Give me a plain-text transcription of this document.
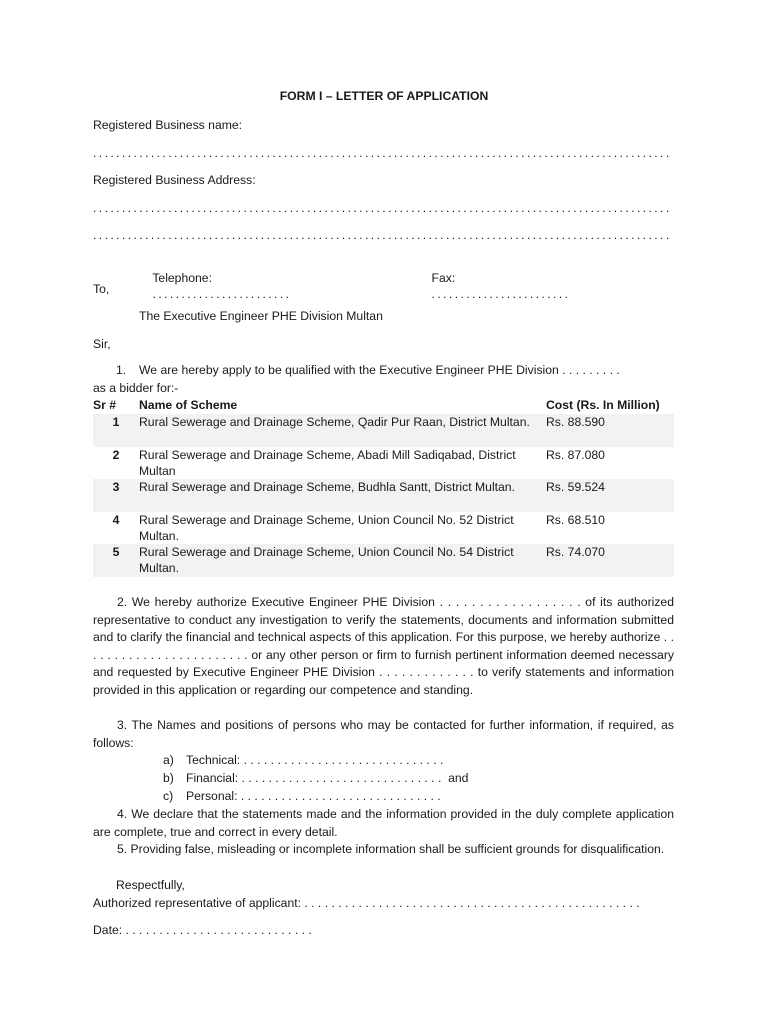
FORM I – LETTER OF APPLICATION
Registered Business name:
....................................................................................................
Registered Business Address:
....................................................................................................
....................................................................................................

Telephone:
........................

Fax:
........................

To,
The Executive Engineer PHE Division Multan
Sir,
1. We are hereby apply to be qualified with the Executive Engineer PHE Division . . . . . . . . .
as a bidder for:-
Sr #	Name of Scheme	Cost (Rs. In Million)
1	Rural Sewerage and Drainage Scheme, Qadir Pur Raan, District Multan.	Rs. 88.590
2	Rural Sewerage and Drainage Scheme, Abadi Mill Sadiqabad, District Multan	Rs. 87.080
3	Rural Sewerage and Drainage Scheme, Budhla Santt, District Multan.	Rs. 59.524
4	Rural Sewerage and Drainage Scheme, Union Council No. 52 District Multan.	Rs. 68.510
5	Rural Sewerage and Drainage Scheme, Union Council No. 54 District Multan.	Rs. 74.070
2. We hereby authorize Executive Engineer PHE Division . . . . . . . . . . . . . . . . . . of its authorized representative to conduct any investigation to verify the statements, documents and information submitted and to clarify the financial and technical aspects of this application. For this purpose, we hereby authorize . . . . . . . . . . . . . . . . . . . . . . . . or any other person or firm to furnish pertinent information deemed necessary and requested by Executive Engineer PHE Division . . . . . . . . . . . . . to verify statements and information provided in this application or regarding our competence and standing.
3. The Names and positions of persons who may be contacted for further information, if required, as follows:
a) Technical: . . . . . . . . . . . . . . . . . . . . . . . . . . . . . .
b) Financial: . . . . . . . . . . . . . . . . . . . . . . . . . . . . . .  and
c) Personal: . . . . . . . . . . . . . . . . . . . . . . . . . . . . . .
4. We declare that the statements made and the information provided in the duly complete application are complete, true and correct in every detail.
5. Providing false, misleading or incomplete information shall be sufficient grounds for disqualification.
Respectfully,
Authorized representative of applicant: . . . . . . . . . . . . . . . . . . . . . . . . . . . . . . . . . . . . . . . . . . . . . . . . . .
Date: . . . . . . . . . . . . . . . . . . . . . . . . . . . .
